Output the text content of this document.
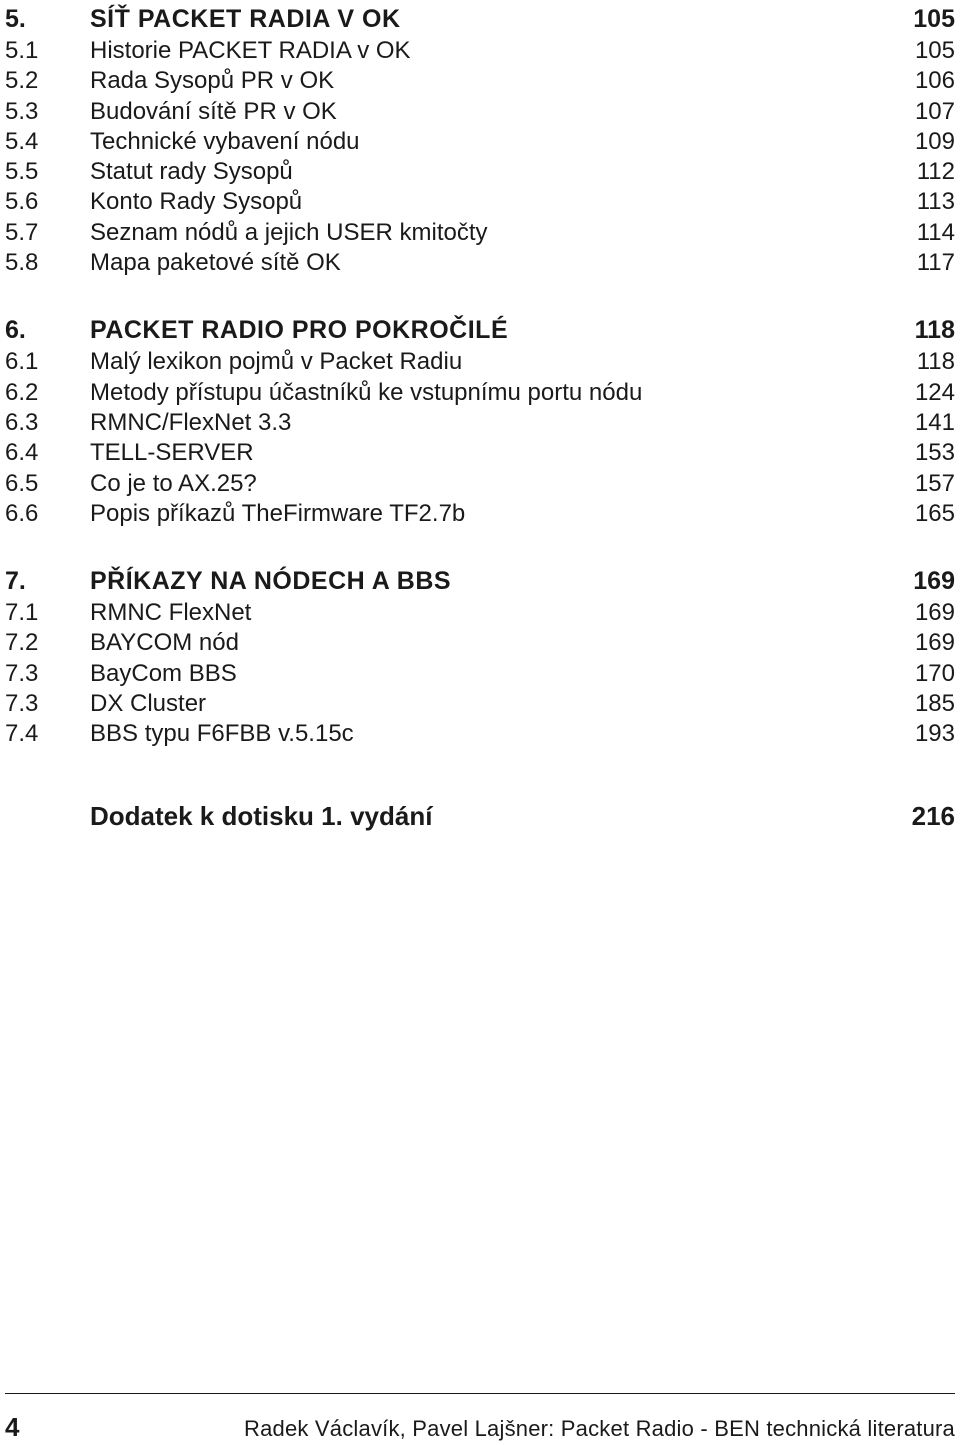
5.	SÍŤ PACKET RADIA V OK	105
5.1	Historie PACKET RADIA v OK	105
5.2	Rada Sysopů PR v OK	106
5.3	Budování sítě PR v OK	107
5.4	Technické vybavení nódu	109
5.5	Statut rady Sysopů	112
5.6	Konto Rady Sysopů	113
5.7	Seznam nódů a jejich USER kmitočty	114
5.8	Mapa paketové sítě OK	117
6.	PACKET RADIO PRO POKROČILÉ	118
6.1	Malý lexikon pojmů v Packet Radiu	118
6.2	Metody přístupu účastníků ke vstupnímu portu nódu	124
6.3	RMNC/FlexNet 3.3	141
6.4	TELL-SERVER	153
6.5	Co je to AX.25?	157
6.6	Popis příkazů TheFirmware TF2.7b	165
7.	PŘÍKAZY NA NÓDECH A BBS	169
7.1	RMNC FlexNet	169
7.2	BAYCOM nód	169
7.3	BayCom BBS	170
7.3	DX Cluster	185
7.4	BBS typu F6FBB v.5.15c	193
Dodatek k dotisku 1. vydání	216
4	Radek Václavík, Pavel Lajšner: Packet Radio - BEN technická literatura
